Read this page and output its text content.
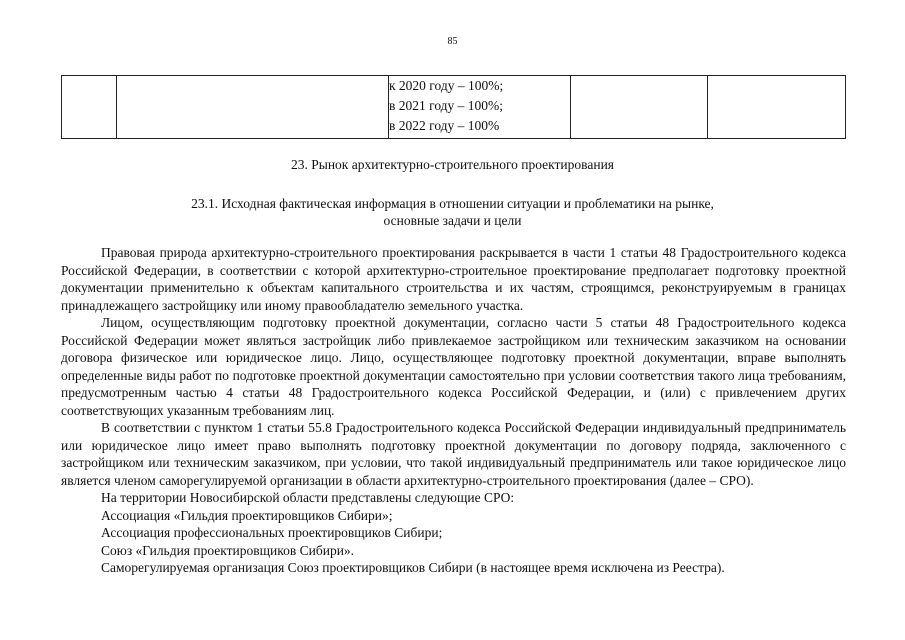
85

к 2020 году – 100%;
в 2021 году – 100%;
в 2022 году – 100%

23. Рынок архитектурно-строительного проектирования
23.1. Исходная фактическая информация в отношении ситуации и проблематики на рынке,
основные задачи и цели

Правовая природа архитектурно-строительного проектирования раскрывается в части 1 статьи 48 Градостроительного кодекса Российской Федерации, в соответствии с которой архитектурно-строительное проектирование предполагает подготовку проектной документации применительно к объектам капитального строительства и их частям, строящимся, реконструируемым в границах принадлежащего застройщику или иному правообладателю земельного участка.

Лицом, осуществляющим подготовку проектной документации, согласно части 5 статьи 48 Градостроительного кодекса Российской Федерации может являться застройщик либо привлекаемое застройщиком или техническим заказчиком на основании договора физическое или юридическое лицо. Лицо, осуществляющее подготовку проектной документации, вправе выполнять определенные виды работ по подготовке проектной документации самостоятельно при условии соответствия такого лица требованиям, предусмотренным частью 4 статьи 48 Градостроительного кодекса Российской Федерации, и (или) с привлечением других соответствующих указанным требованиям лиц.

В соответствии с пунктом 1 статьи 55.8 Градостроительного кодекса Российской Федерации индивидуальный предприниматель или юридическое лицо имеет право выполнять подготовку проектной документации по договору подряда, заключенного с застройщиком или техническим заказчиком, при условии, что такой индивидуальный предприниматель или такое юридическое лицо является членом саморегулируемой организации в области архитектурно-строительного проектирования (далее – СРО).

На территории Новосибирской области представлены следующие СРО:

Ассоциация «Гильдия проектировщиков Сибири»;

Ассоциация профессиональных проектировщиков Сибири;

Союз «Гильдия проектировщиков Сибири».

Саморегулируемая организация Союз проектировщиков Сибири (в настоящее время исключена из Реестра).
